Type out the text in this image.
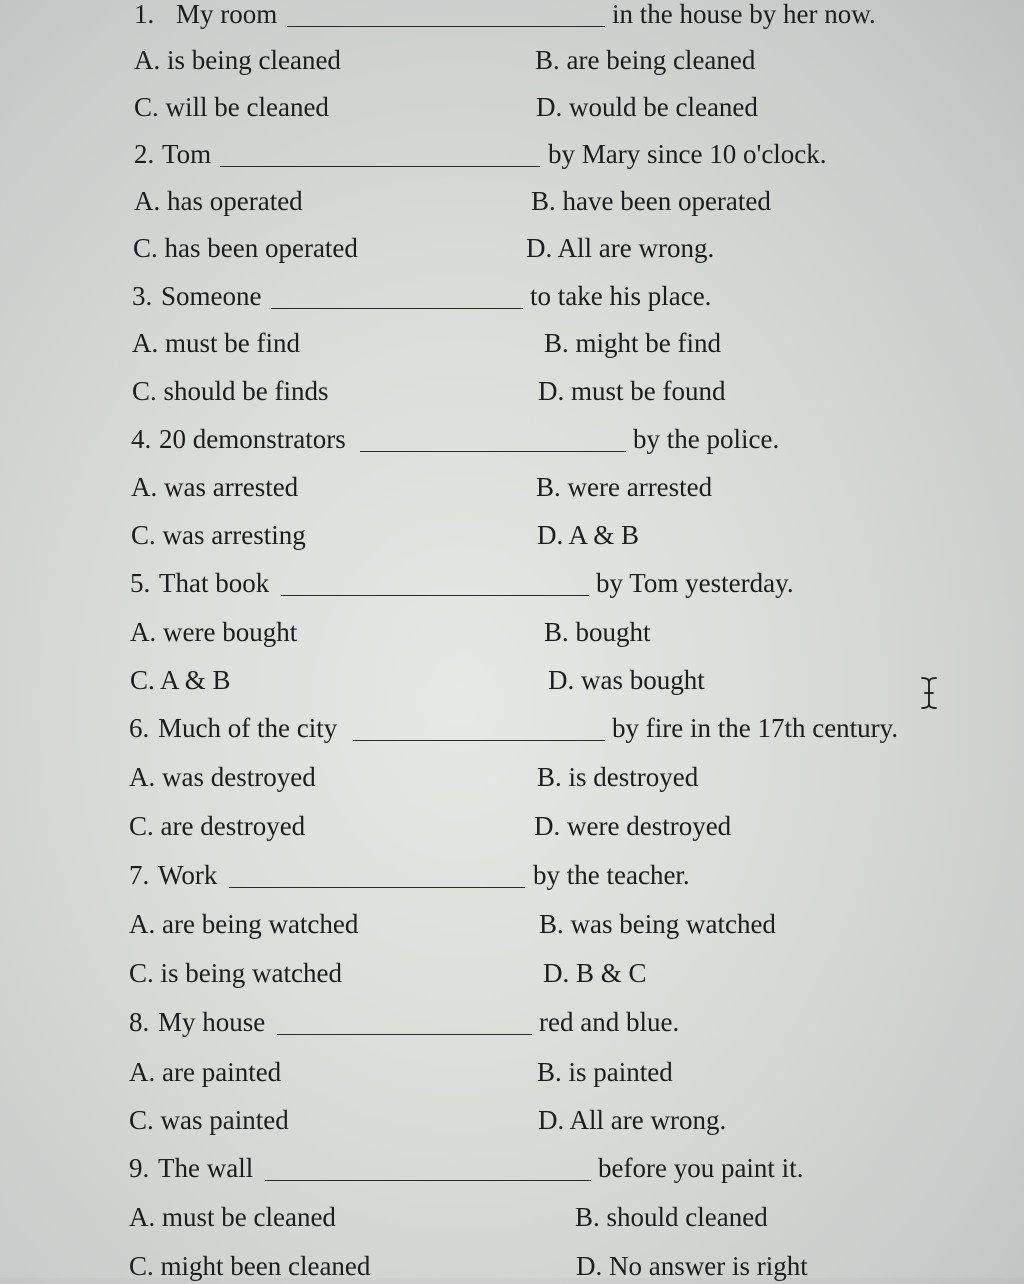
1. My room	in the house by her now.
A. is being cleaned	B. are being cleaned
C. will be cleaned	D. would be cleaned
2. Tom	by Mary since 10 o'clock.
A. has operated	B. have been operated
C. has been operated	D. All are wrong.
3. Someone	to take his place.
A. must be find	B. might be find
C. should be finds	D. must be found
4. 20 demonstrators	by the police.
A. was arrested	B. were arrested
C. was arresting	D. A & B
5. That book	by Tom yesterday.
A. were bought	B. bought
C. A & B	D. was bought
6. Much of the city	by fire in the 17th century.
A. was destroyed	B. is destroyed
C. are destroyed	D. were destroyed
7. Work	by the teacher.
A. are being watched	B. was being watched
C. is being watched	D. B & C
8. My house	red and blue.
A. are painted	B. is painted
C. was painted	D. All are wrong.
9. The wall	before you paint it.
A. must be cleaned	B. should cleaned
C. might been cleaned	D. No answer is right
